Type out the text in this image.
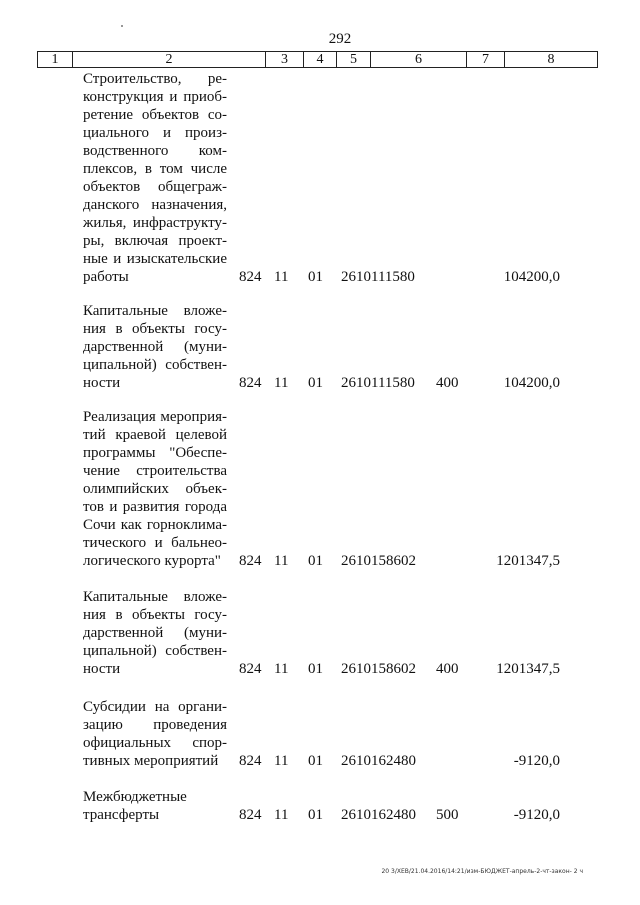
292
1	2	3	4	5	6	7	8
Строительство, ре-конструкция и приоб-ретение объектов со-циального и произ-водственного ком-плексов, в том числе объектов общеграж-данского назначения, жилья, инфраструкту-ры, включая проект-ные и изыскательские работы	824 11 01 2610111580	104200,0
Капитальные вложе-ния в объекты госу-дарственной (муни-ципальной) собствен-ности	824 11 01 2610111580 400	104200,0
Реализация мероприя-тий краевой целевой программы "Обеспе-чение строительства олимпийских объек-тов и развития города Сочи как горноклима-тического и бальнео-логического курорта"	824 11 01 2610158602	1201347,5
Капитальные вложе-ния в объекты госу-дарственной (муни-ципальной) собствен-ности	824 11 01 2610158602 400	1201347,5
Субсидии на органи-зацию проведения официальных спор-тивных мероприятий	824 11 01 2610162480	-9120,0
Межбюджетные трансферты	824 11 01 2610162480 500	-9120,0
20 3/ХЕВ/21.04.2016/14:21/изм-БЮДЖЕТ-апрель-2-чт-закон- 2 ч
